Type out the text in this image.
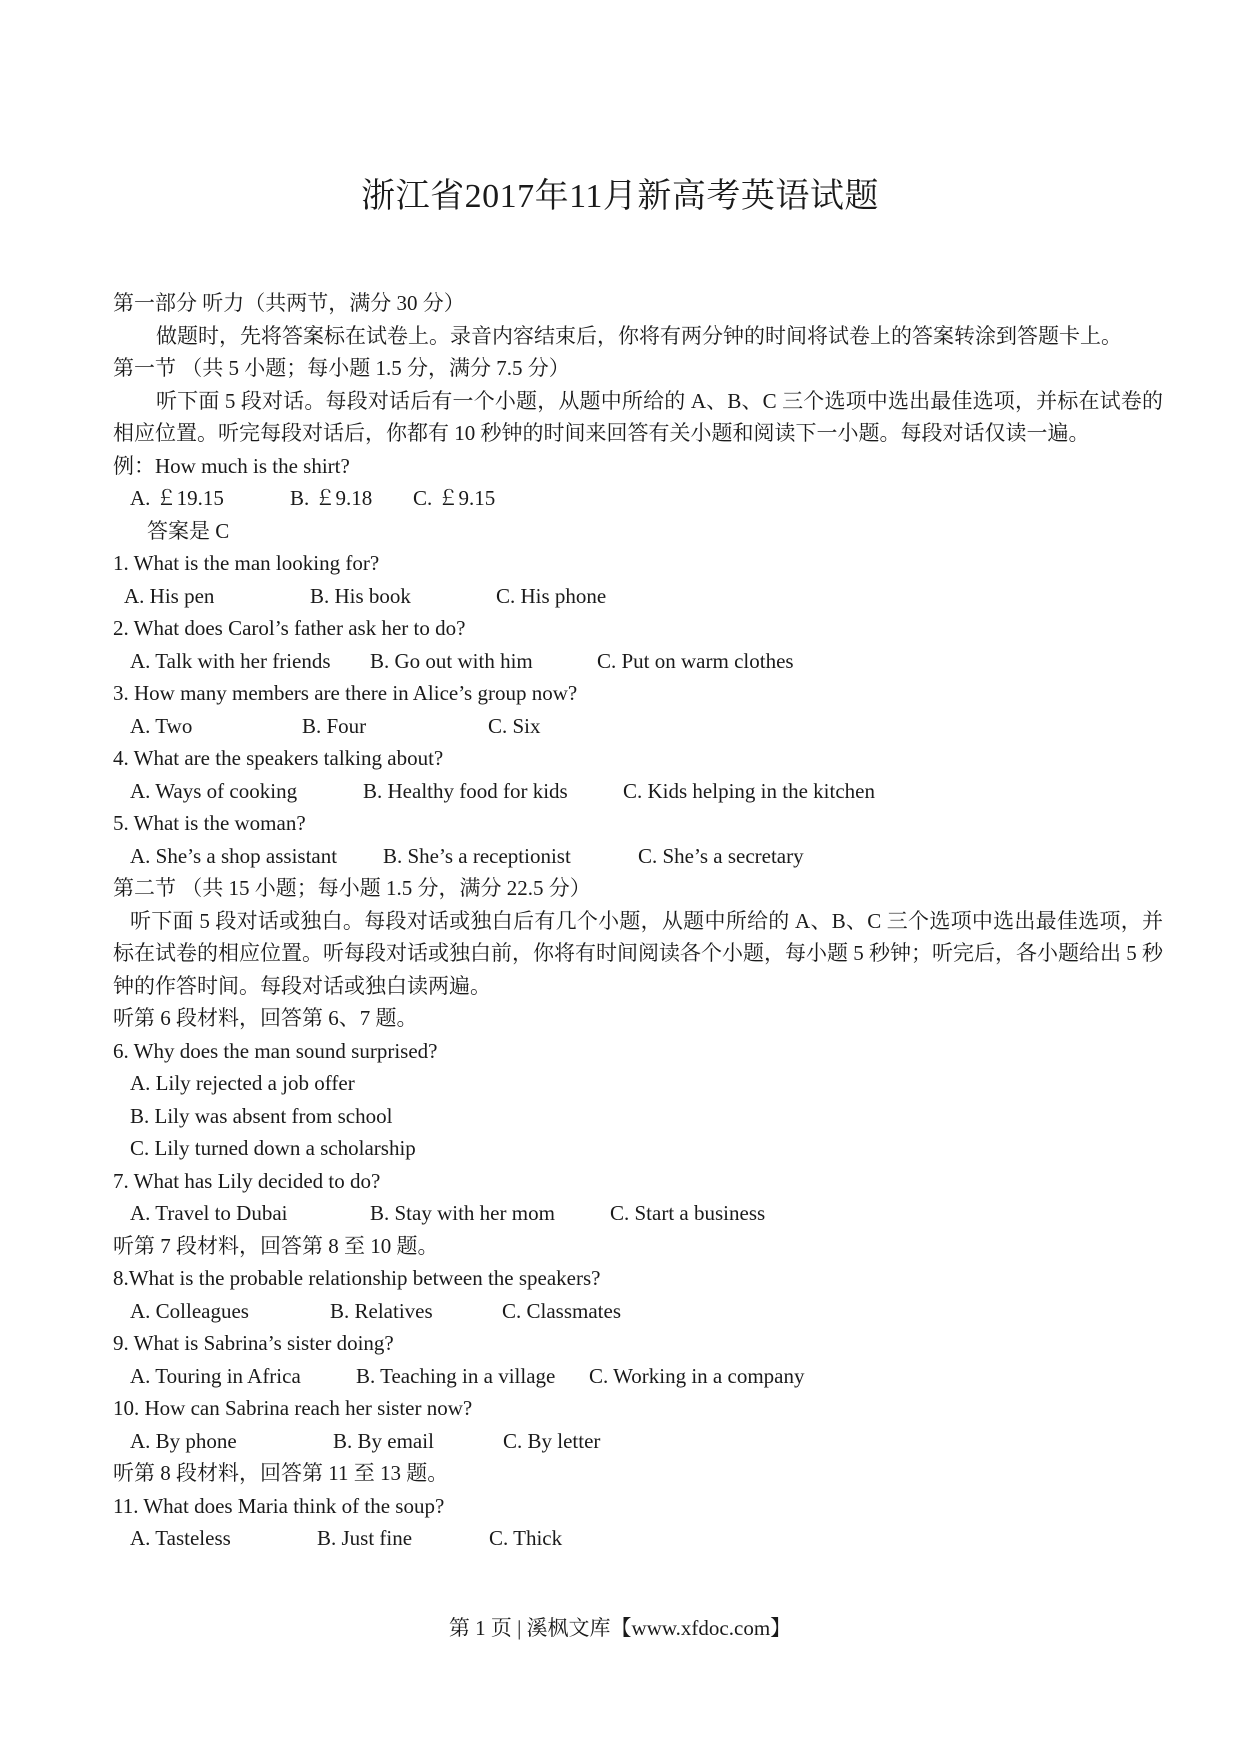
浙江省2017年11月新高考英语试题
第一部分 听力（共两节，满分 30 分）
做题时，先将答案标在试卷上。录音内容结束后，你将有两分钟的时间将试卷上的答案转涂到答题卡上。
第一节 （共 5 小题；每小题 1.5 分，满分 7.5 分）
听下面 5 段对话。每段对话后有一个小题，从题中所给的 A、B、C 三个选项中选出最佳选项，并标在试卷的相应位置。听完每段对话后，你都有 10 秒钟的时间来回答有关小题和阅读下一小题。每段对话仅读一遍。
例：How much is the shirt?
A. ￡19.15	B. ￡9.18 C. ￡9.15
答案是 C
1. What is the man looking for?
A. His pen	B. His book	C. His phone
2. What does Carol’s father ask her to do?
A. Talk with her friends B. Go out with him	C. Put on warm clothes
3. How many members are there in Alice’s group now?
A. Two	B. Four	C. Six
4. What are the speakers talking about?
A. Ways of cooking	B. Healthy food for kids	C. Kids helping in the kitchen
5. What is the woman?
A. She’s a shop assistant B. She’s a receptionist	C. She’s a secretary
第二节 （共 15 小题；每小题 1.5 分，满分 22.5 分）
听下面 5 段对话或独白。每段对话或独白后有几个小题，从题中所给的 A、B、C 三个选项中选出最佳选项，并标在试卷的相应位置。听每段对话或独白前，你将有时间阅读各个小题，每小题 5 秒钟；听完后，各小题给出 5 秒钟的作答时间。每段对话或独白读两遍。
听第 6 段材料，回答第 6、7 题。
6. Why does the man sound surprised?
A. Lily rejected a job offer
B. Lily was absent from school
C. Lily turned down a scholarship
7. What has Lily decided to do?
A. Travel to Dubai	B. Stay with her mom	C. Start a business
听第 7 段材料，回答第 8 至 10 题。
8.What is the probable relationship between the speakers?
A. Colleagues	B. Relatives	C. Classmates
9. What is Sabrina’s sister doing?
A. Touring in Africa	B. Teaching in a village C. Working in a company
10. How can Sabrina reach her sister now?
A. By phone	B. By email	C. By letter
听第 8 段材料，回答第 11 至 13 题。
11. What does Maria think of the soup?
A. Tasteless	B. Just fine	C. Thick
第 1 页 | 溪枫文库【www.xfdoc.com】
